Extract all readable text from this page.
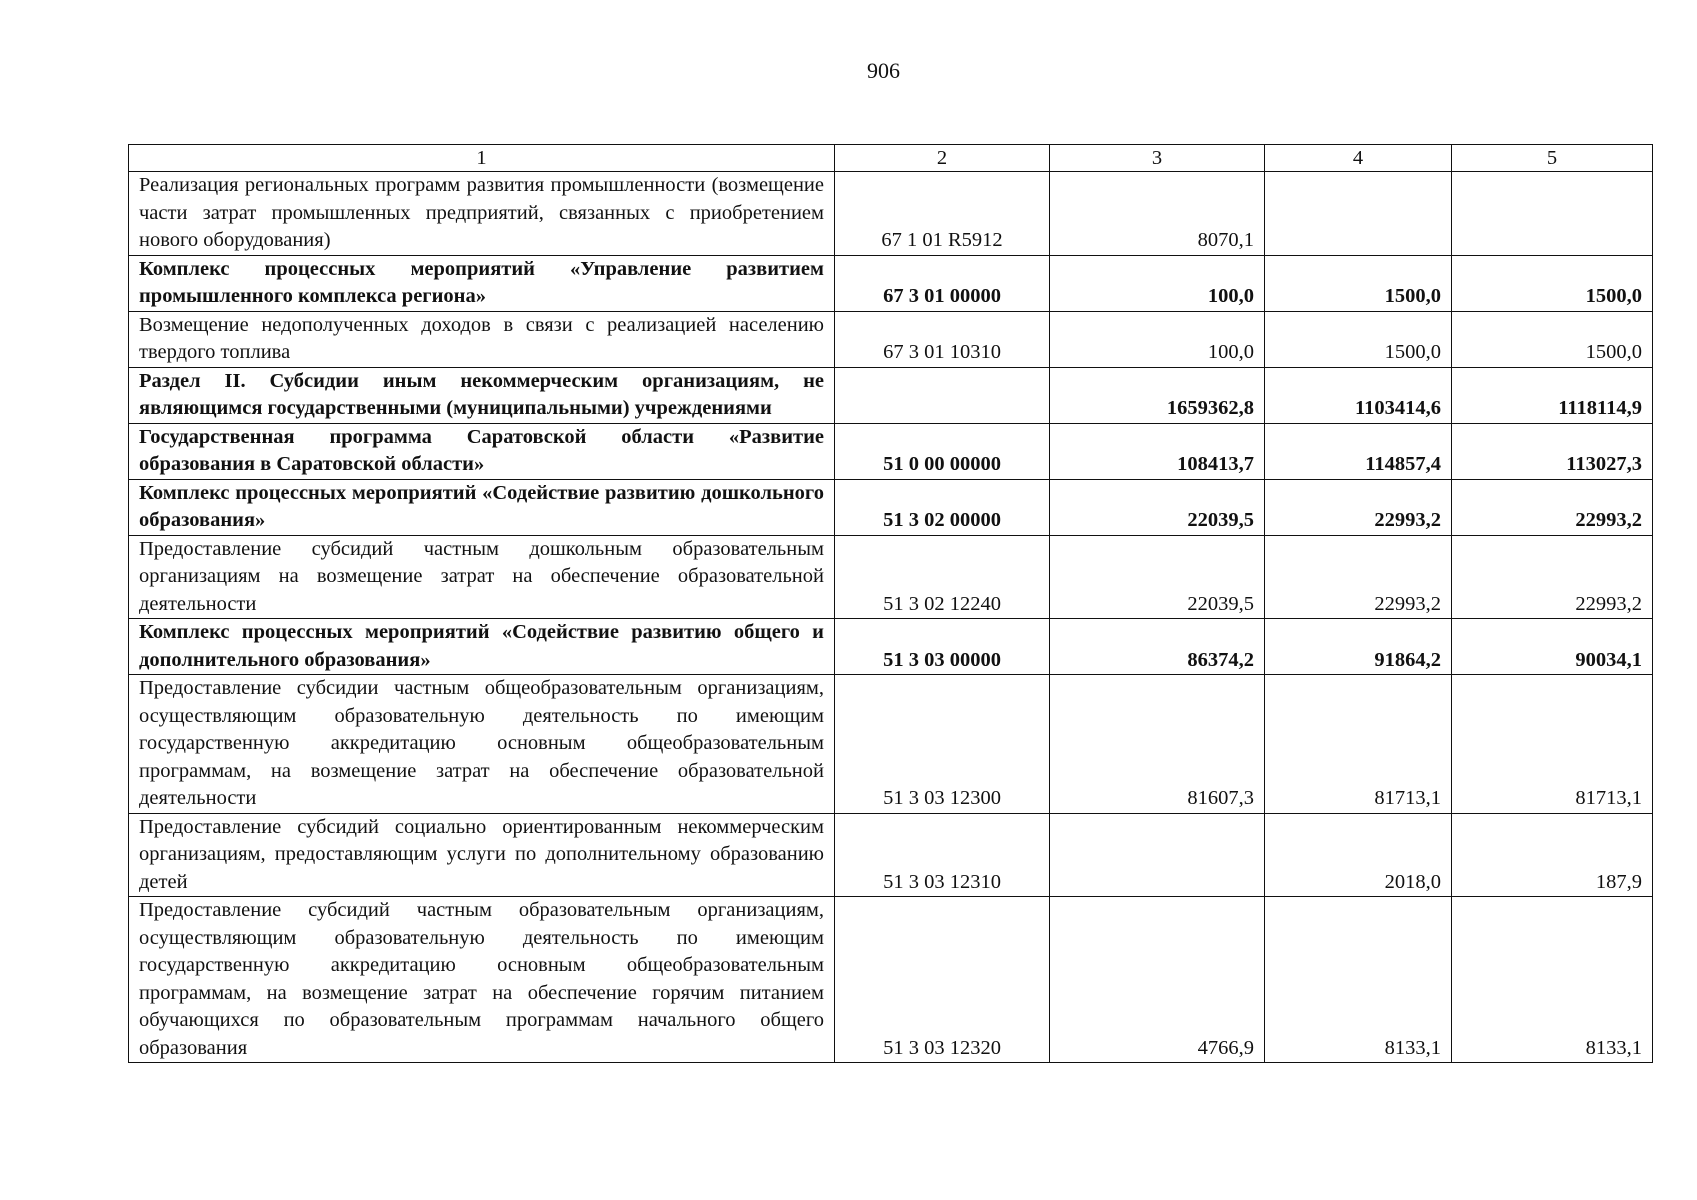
906
1	2	3	4	5
Реализация региональных программ развития промышленности (возмещение части затрат промышленных предприятий, связанных с приобретением нового оборудования)	67 1 01 R5912	8070,1		
Комплекс процессных мероприятий «Управление развитием промышленного комплекса региона»	67 3 01 00000	100,0	1500,0	1500,0
Возмещение недополученных доходов в связи с реализацией населению твердого топлива	67 3 01 10310	100,0	1500,0	1500,0
Раздел II. Субсидии иным некоммерческим организациям, не являющимся государственными (муниципальными) учреждениями		1659362,8	1103414,6	1118114,9
Государственная программа Саратовской области «Развитие образования в Саратовской области»	51 0 00 00000	108413,7	114857,4	113027,3
Комплекс процессных мероприятий «Содействие развитию дошкольного образования»	51 3 02 00000	22039,5	22993,2	22993,2
Предоставление субсидий частным дошкольным образовательным организациям на возмещение затрат на обеспечение образовательной деятельности	51 3 02 12240	22039,5	22993,2	22993,2
Комплекс процессных мероприятий «Содействие развитию общего и дополнительного образования»	51 3 03 00000	86374,2	91864,2	90034,1
Предоставление субсидии частным общеобразовательным организациям, осуществляющим образовательную деятельность по имеющим государственную аккредитацию основным общеобразовательным программам, на возмещение затрат на обеспечение образовательной деятельности	51 3 03 12300	81607,3	81713,1	81713,1
Предоставление субсидий социально ориентированным некоммерческим организациям, предоставляющим услуги по дополнительному образованию детей	51 3 03 12310		2018,0	187,9
Предоставление субсидий частным образовательным организациям, осуществляющим образовательную деятельность по имеющим государственную аккредитацию основным общеобразовательным программам, на возмещение затрат на обеспечение горячим питанием обучающихся по образовательным программам начального общего образования	51 3 03 12320	4766,9	8133,1	8133,1
